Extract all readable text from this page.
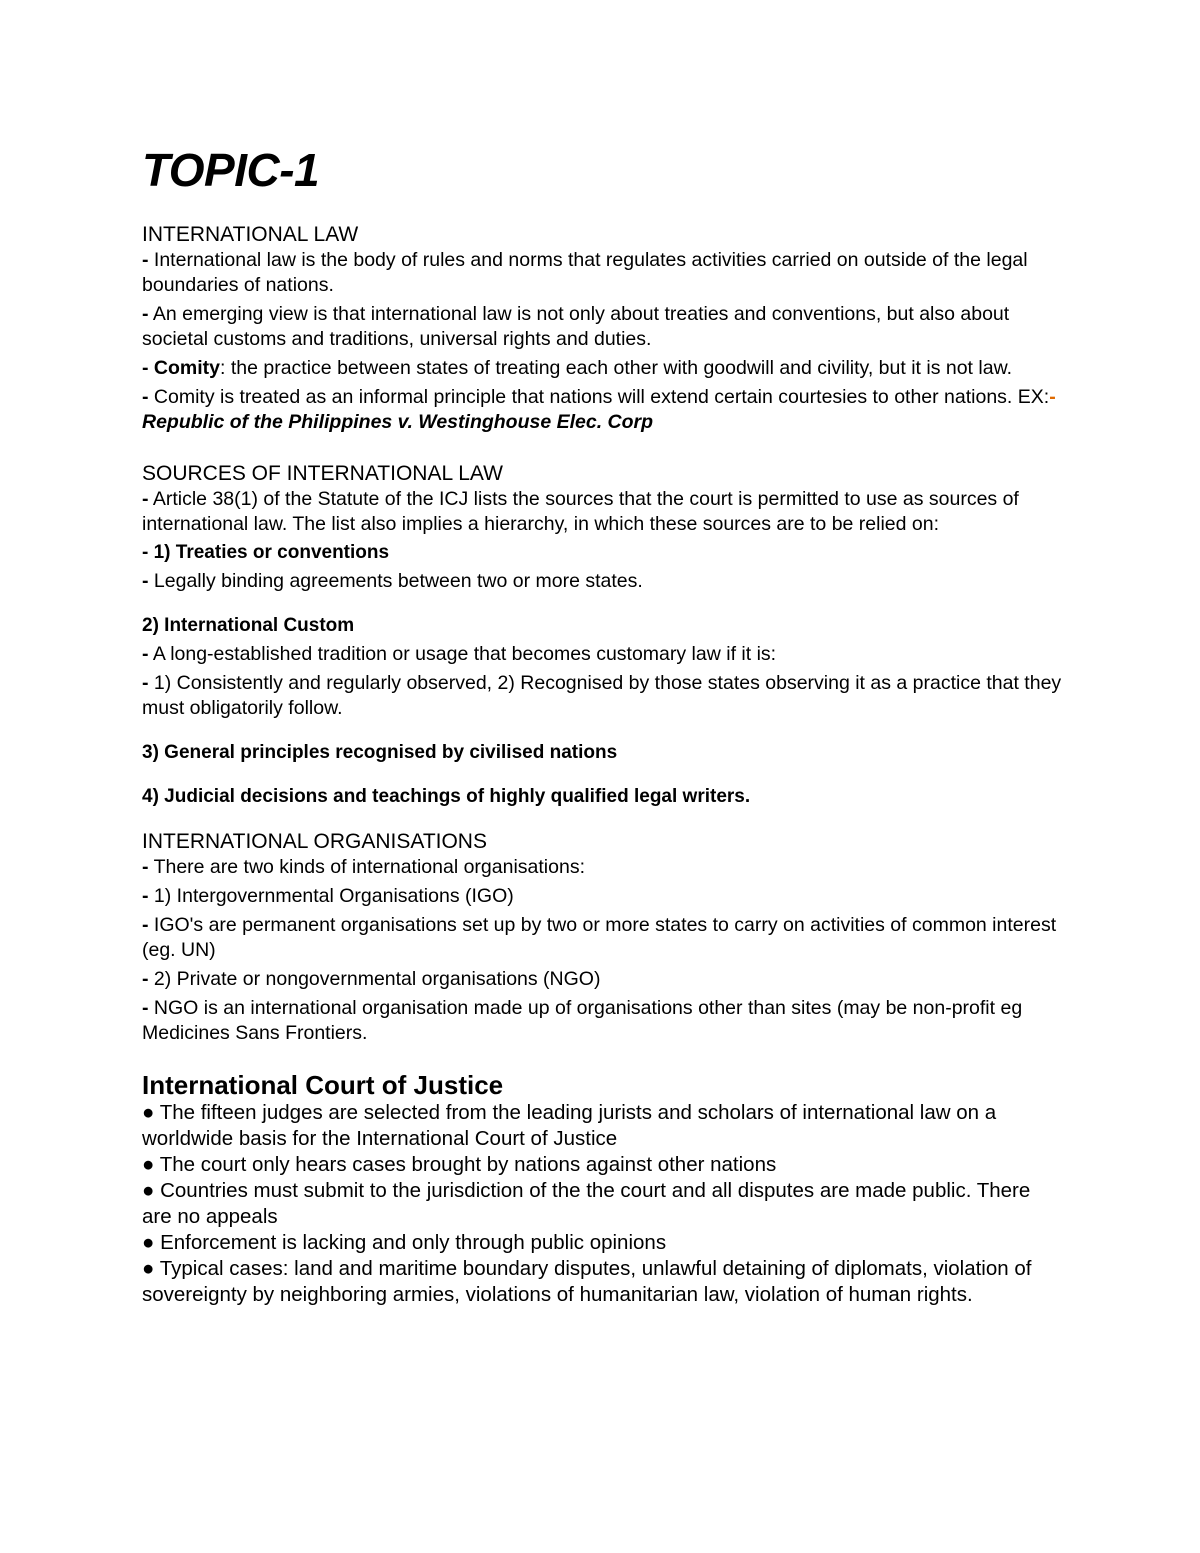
TOPIC-1
INTERNATIONAL LAW

- International law is the body of rules and norms that regulates activities carried on outside of the legal boundaries of nations.

- An emerging view is that international law is not only about treaties and conventions, but also about societal customs and traditions, universal rights and duties.

- Comity: the practice between states of treating each other with goodwill and civility, but it is not law.

- Comity is treated as an informal principle that nations will extend certain courtesies to other nations. EX:- Republic of the Philippines v. Westinghouse Elec. Corp

SOURCES OF INTERNATIONAL LAW

- Article 38(1) of the Statute of the ICJ lists the sources that the court is permitted to use as sources of international law. The list also implies a hierarchy, in which these sources are to be relied on:

- 1) Treaties or conventions

- Legally binding agreements between two or more states.

2) International Custom

- A long-established tradition or usage that becomes customary law if it is:

- 1) Consistently and regularly observed, 2) Recognised by those states observing it as a practice that they must obligatorily follow.

3) General principles recognised by civilised nations

4) Judicial decisions and teachings of highly qualified legal writers.

INTERNATIONAL ORGANISATIONS

- There are two kinds of international organisations:

- 1) Intergovernmental Organisations (IGO)

- IGO's are permanent organisations set up by two or more states to carry on activities of common interest (eg. UN)

- 2) Private or nongovernmental organisations (NGO)

- NGO is an international organisation made up of organisations other than sites (may be non-profit eg Medicines Sans Frontiers.

International Court of Justice

● The fifteen judges are selected from the leading jurists and scholars of international law on a worldwide basis for the International Court of Justice

● The court only hears cases brought by nations against other nations

● Countries must submit to the jurisdiction of the the court and all disputes are made public. There are no appeals

● Enforcement is lacking and only through public opinions

● Typical cases: land and maritime boundary disputes, unlawful detaining of diplomats, violation of sovereignty by neighboring armies, violations of humanitarian law, violation of human rights.
